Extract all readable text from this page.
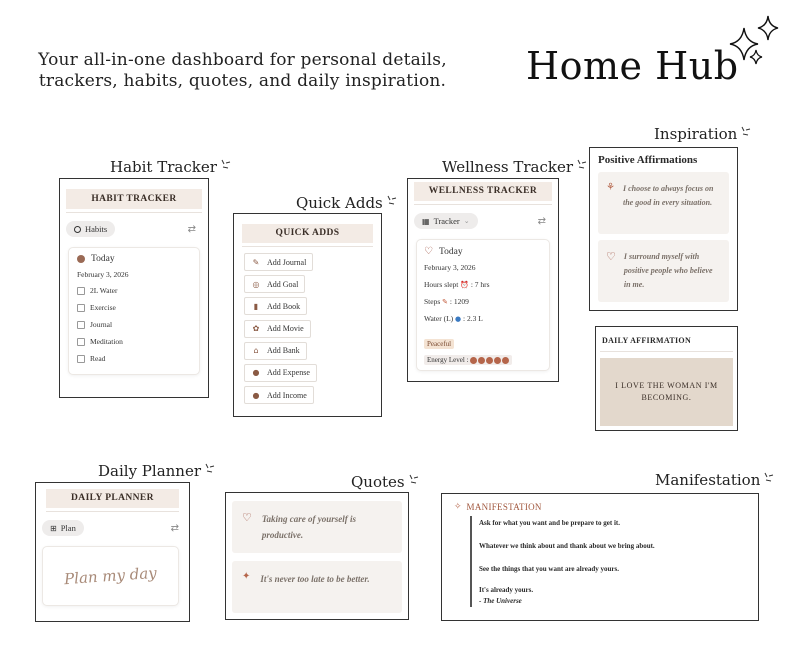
Your all-in-one dashboard for personal details, trackers, habits, quotes, and daily inspiration. Home Hub
Habit Tracker
Quick Adds
Wellness Tracker
Inspiration
Daily Planner
Quotes	Manifestation
HABIT TRACKER
Habits	⇄
Today
February 3, 2026
2L Water
Exercise
Journal
Meditation
Read
QUICK ADDS
✎ Add Journal
◎ Add Goal
▮	Add Book
✿ Add Movie
⌂	Add Bank
● Add Expense
● Add Income
WELLNESS TRACKER
▦ Tracker ⌄	⇄
♡ Today
February 3, 2026
Hours slept ⏰ : 7 hrs
Steps ✎ : 1209
Water (L) ● : 2.3 L
Peaceful
Energy Level :
Positive Affirmations
⚘ I choose to always focus on the good in every situation.
♡ I surround myself with positive people who believe in me.
DAILY AFFIRMATION
I LOVE THE WOMAN I'M BECOMING.
DAILY PLANNER
⊞ Plan	⇄
Plan my day
♡ Taking care of yourself is productive.
✦ It's never too late to be better.
✧ MANIFESTATION
Ask for what you want and be prepare to get it.
Whatever we think about and thank about we bring about.
See the things that you want are already yours.
It's already yours.
- The Universe
